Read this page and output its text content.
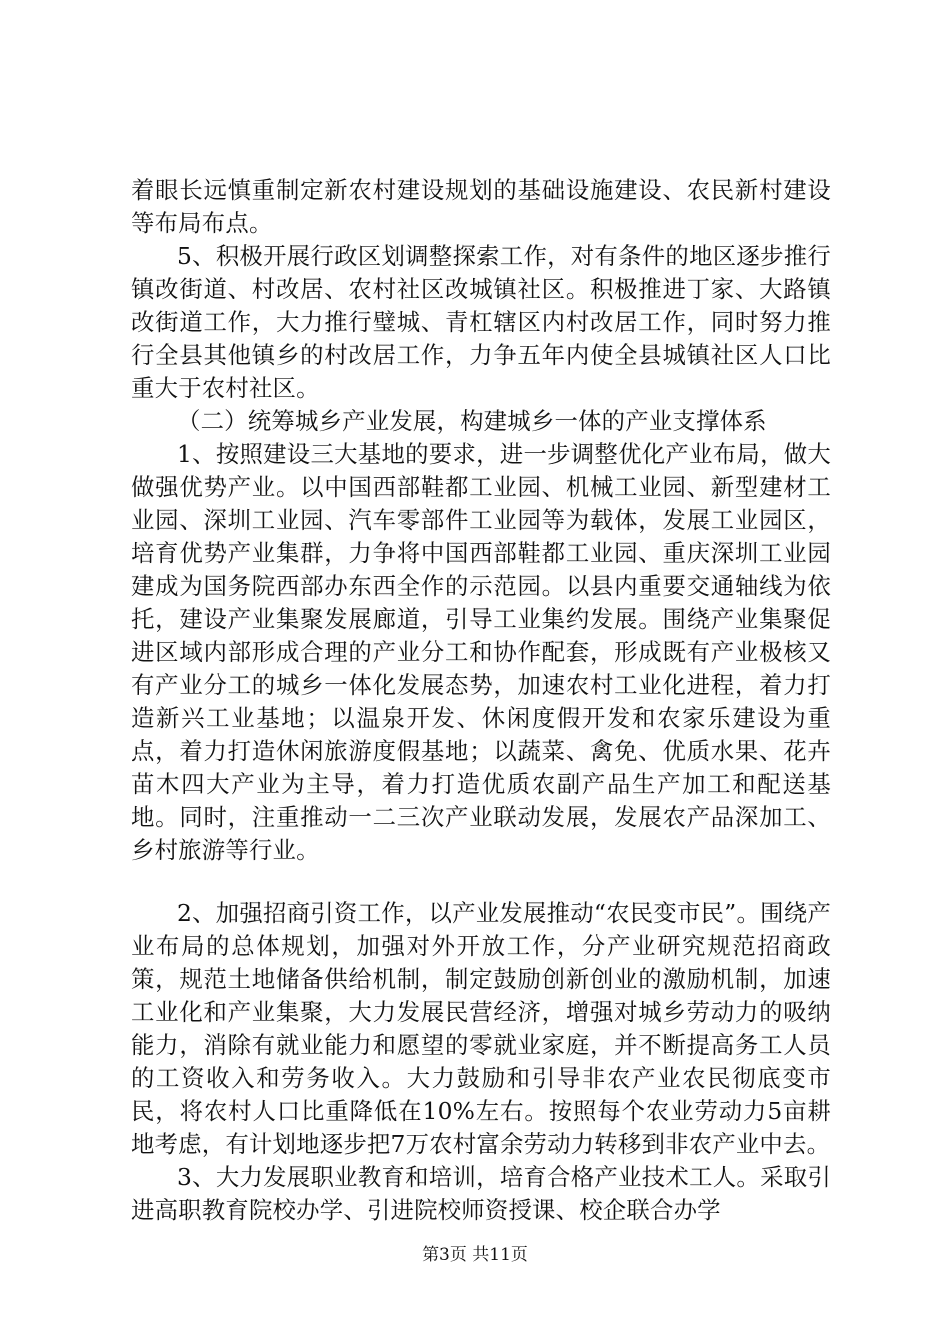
着眼长远慎重制定新农村建设规划的基础设施建设、农民新村建设等布局布点。

5、积极开展行政区划调整探索工作，对有条件的地区逐步推行镇改街道、村改居、农村社区改城镇社区。积极推进丁家、大路镇改街道工作，大力推行璧城、青杠辖区内村改居工作，同时努力推行全县其他镇乡的村改居工作，力争五年内使全县城镇社区人口比重大于农村社区。

（二）统筹城乡产业发展，构建城乡一体的产业支撑体系

1、按照建设三大基地的要求，进一步调整优化产业布局，做大做强优势产业。以中国西部鞋都工业园、机械工业园、新型建材工业园、深圳工业园、汽车零部件工业园等为载体，发展工业园区，培育优势产业集群，力争将中国西部鞋都工业园、重庆深圳工业园建成为国务院西部办东西全作的示范园。以县内重要交通轴线为依托，建设产业集聚发展廊道，引导工业集约发展。围绕产业集聚促进区域内部形成合理的产业分工和协作配套，形成既有产业极核又有产业分工的城乡一体化发展态势，加速农村工业化进程，着力打造新兴工业基地；以温泉开发、休闲度假开发和农家乐建设为重点，着力打造休闲旅游度假基地；以蔬菜、禽免、优质水果、花卉苗木四大产业为主导，着力打造优质农副产品生产加工和配送基地。同时，注重推动一二三次产业联动发展，发展农产品深加工、乡村旅游等行业。

2、加强招商引资工作，以产业发展推动“农民变市民”。围绕产业布局的总体规划，加强对外开放工作，分产业研究规范招商政策，规范土地储备供给机制，制定鼓励创新创业的激励机制，加速工业化和产业集聚，大力发展民营经济，增强对城乡劳动力的吸纳能力，消除有就业能力和愿望的零就业家庭，并不断提高务工人员的工资收入和劳务收入。大力鼓励和引导非农产业农民彻底变市民，将农村人口比重降低在10%左右。按照每个农业劳动力5亩耕地考虑，有计划地逐步把7万农村富余劳动力转移到非农产业中去。

3、大力发展职业教育和培训，培育合格产业技术工人。采取引进高职教育院校办学、引进院校师资授课、校企联合办学

第3页 共11页
